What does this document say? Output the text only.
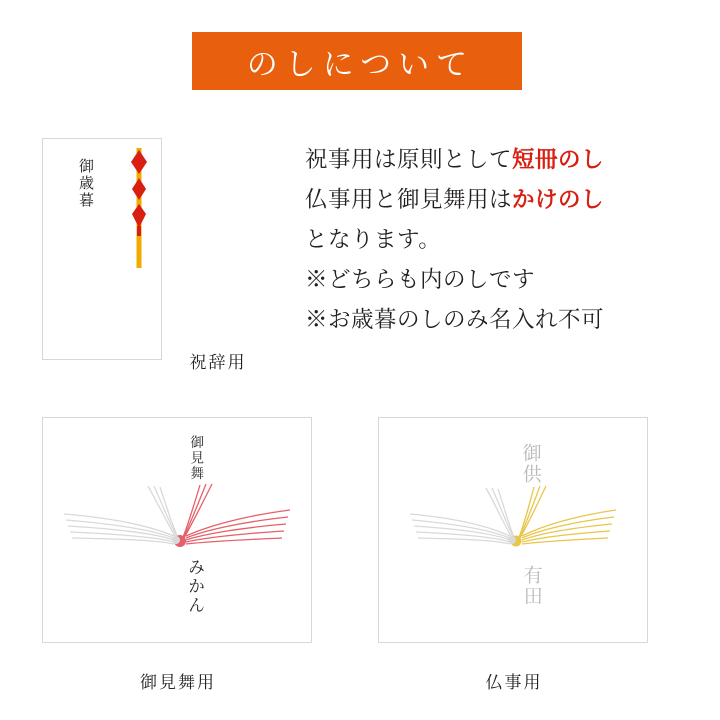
のしについて
御歳暮
祝辞用

祝事用は原則として短冊のし

仏事用と御見舞用はかけのし

となります。

※どちらも内のしです

※お歳暮のしのみ名入れ不可

御見舞
みかん
御見舞用
御供
有田
仏事用
